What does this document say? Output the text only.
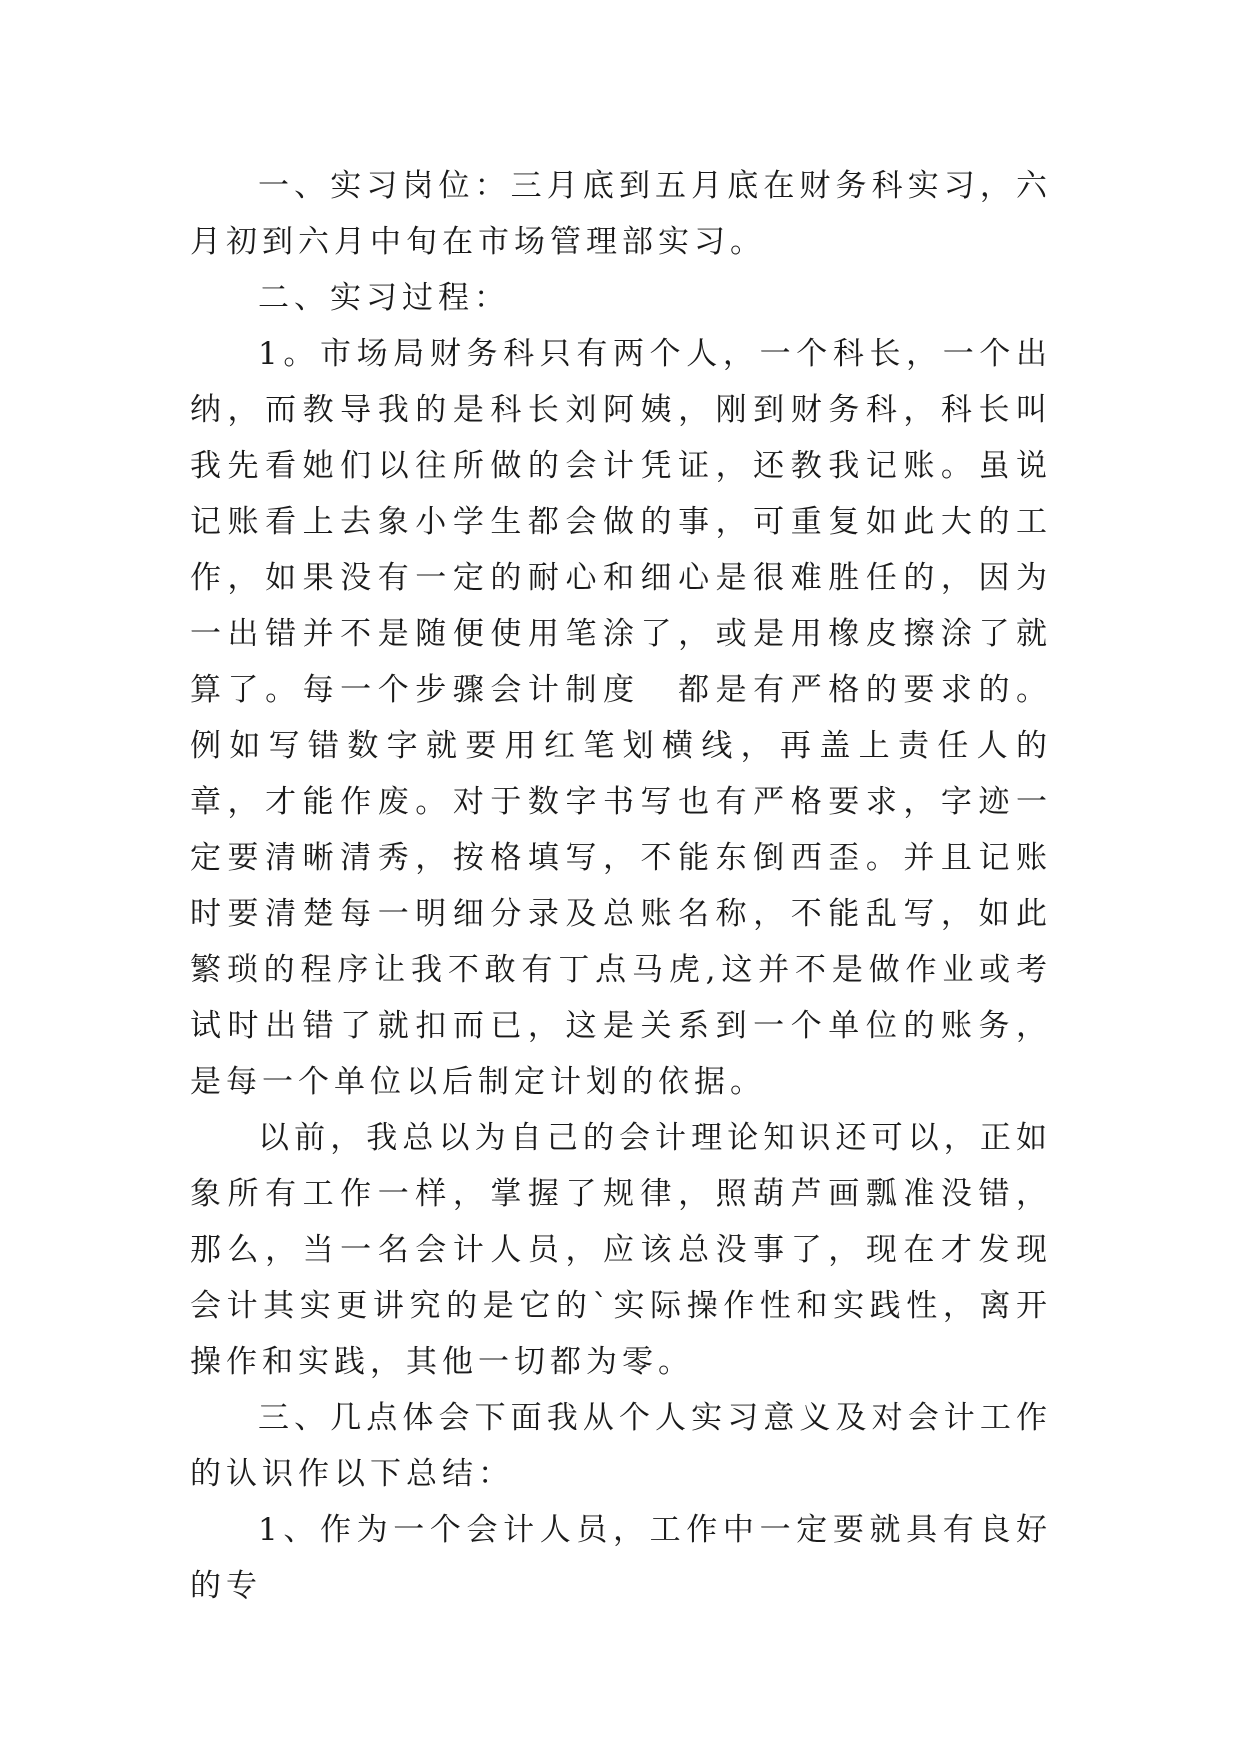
一、实习岗位：三月底到五月底在财务科实习，六月初到六月中旬在市场管理部实习。

二、实习过程：

1。市场局财务科只有两个人，一个科长，一个出纳，而教导我的是科长刘阿姨，刚到财务科，科长叫我先看她们以往所做的会计凭证，还教我记账。虽说记账看上去象小学生都会做的事，可重复如此大的工作，如果没有一定的耐心和细心是很难胜任的，因为一出错并不是随便使用笔涂了，或是用橡皮擦涂了就算了。每一个步骤会计制度　都是有严格的要求的。例如写错数字就要用红笔划横线，再盖上责任人的章，才能作废。对于数字书写也有严格要求，字迹一定要清晰清秀，按格填写，不能东倒西歪。并且记账时要清楚每一明细分录及总账名称，不能乱写，如此繁琐的程序让我不敢有丁点马虎,这并不是做作业或考试时出错了就扣而已，这是关系到一个单位的账务，是每一个单位以后制定计划的依据。

以前，我总以为自己的会计理论知识还可以，正如象所有工作一样，掌握了规律，照葫芦画瓢准没错，那么，当一名会计人员，应该总没事了，现在才发现会计其实更讲究的是它的`实际操作性和实践性，离开操作和实践，其他一切都为零。

三、几点体会下面我从个人实习意义及对会计工作的认识作以下总结：

1、作为一个会计人员，工作中一定要就具有良好的专
